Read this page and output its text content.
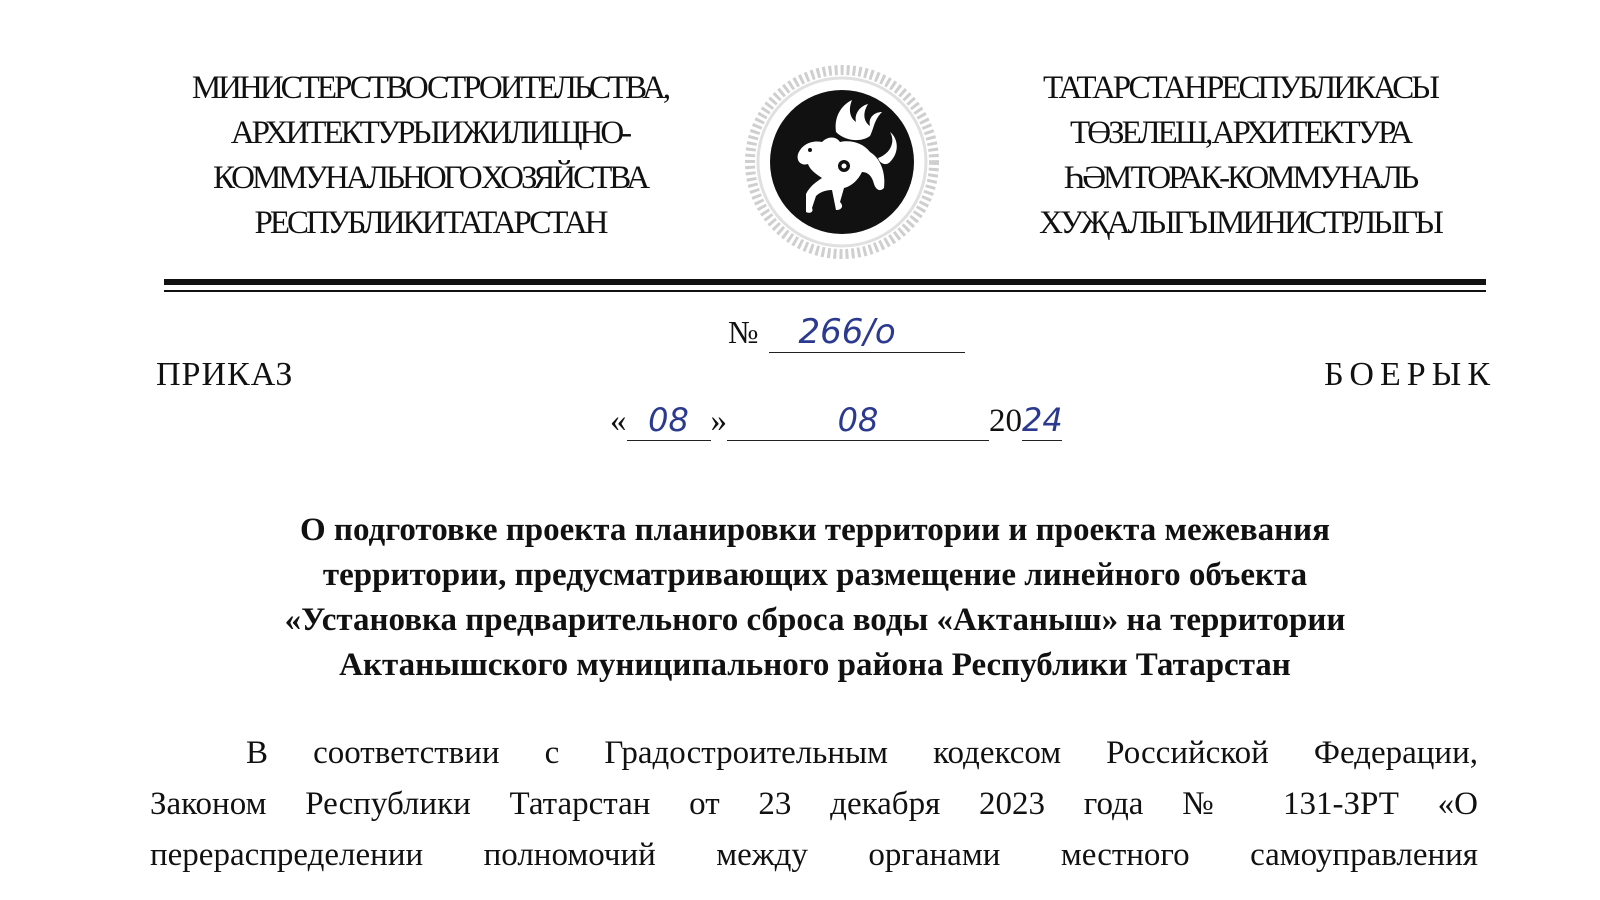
МИНИСТЕРСТВО СТРОИТЕЛЬСТВА,
АРХИТЕКТУРЫ И ЖИЛИЩНО-
КОММУНАЛЬНОГО ХОЗЯЙСТВА
РЕСПУБЛИКИ ТАТАРСТАН
ТАТАРСТАН РЕСПУБЛИКАСЫ
ТӨЗЕЛЕШ, АРХИТЕКТУРА
ҺӘМ ТОРАК-КОММУНАЛЬ
ХУҖАЛЫГЫ МИНИСТРЛЫГЫ
№ 266/о
ПРИКАЗ	БОЕРЫК
« 08 »	08	2024
О подготовке проекта планировки территории и проекта межевания
территории, предусматривающих размещение линейного объекта
«Установка предварительного сброса воды «Актаныш» на территории
Актанышского муниципального района Республики Татарстан
В соответствии с Градостроительным кодексом Российской Федерации,
Законом Республики Татарстан от 23 декабря 2023 года № 131-ЗРТ «О
перераспределении полномочий между органами местного самоуправления
